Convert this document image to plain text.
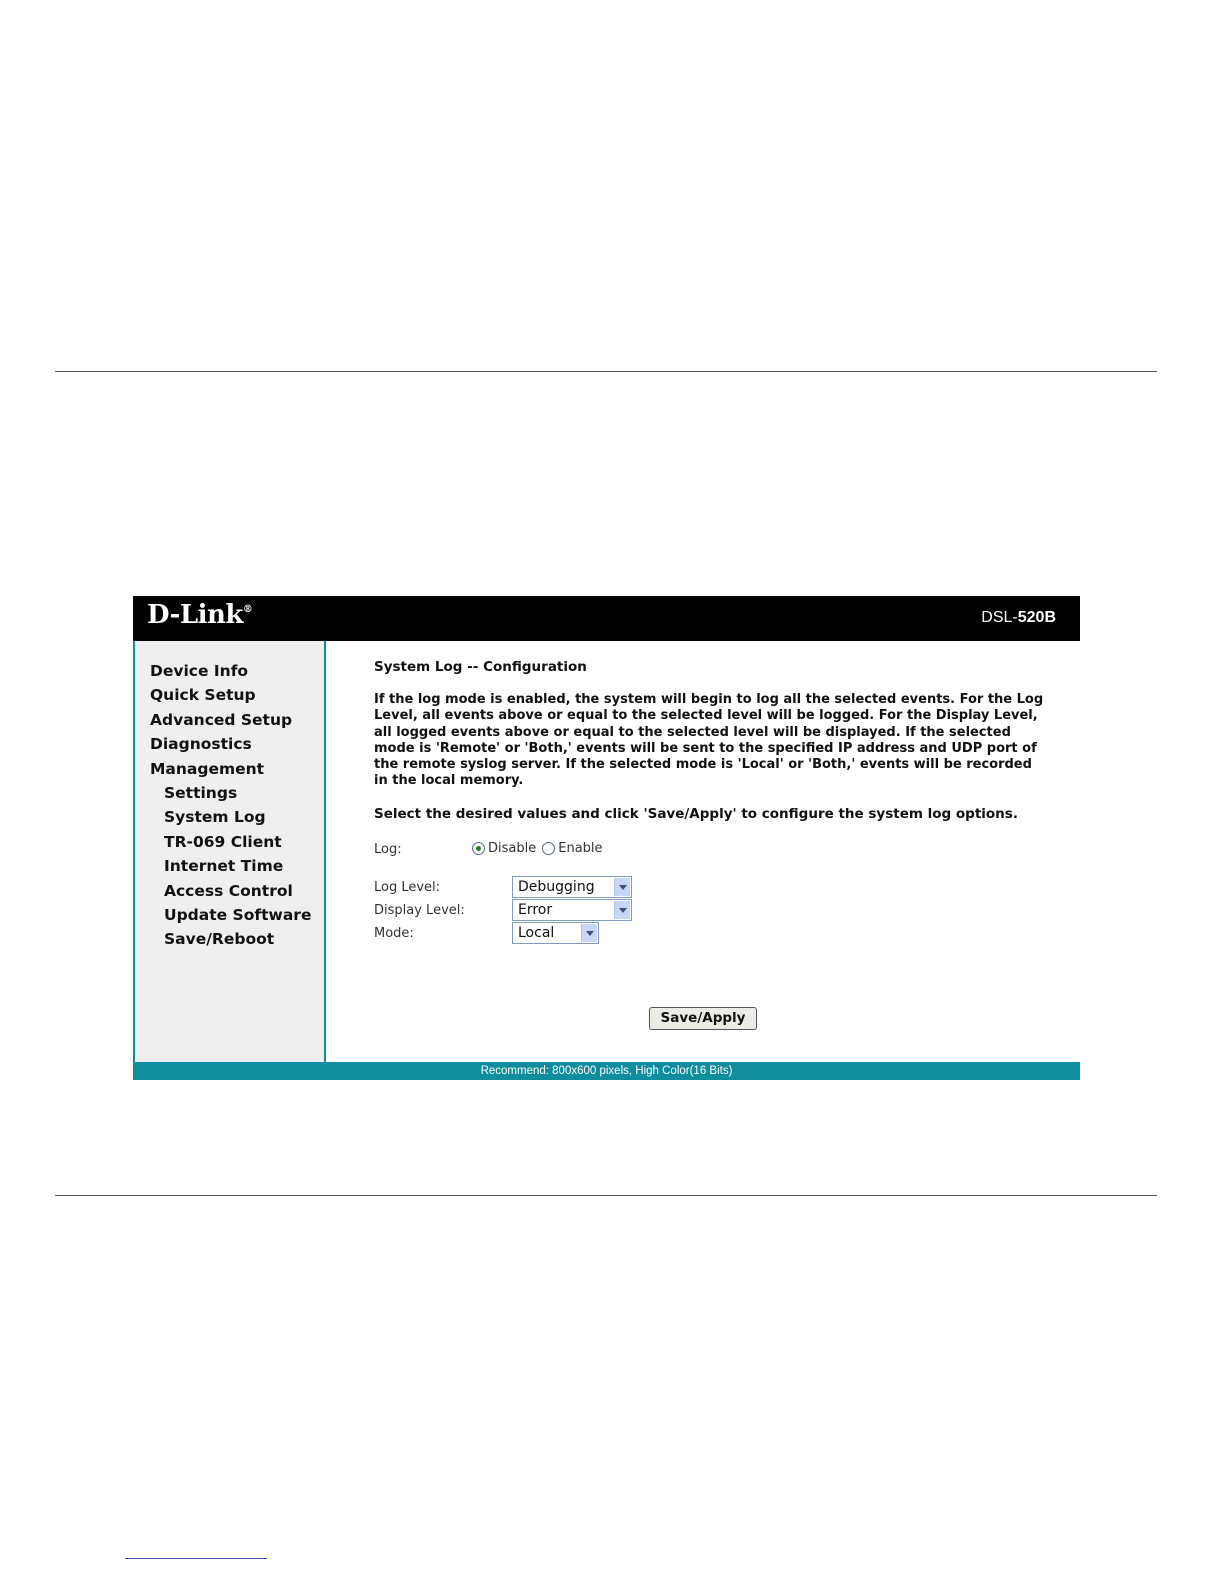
D-Link®	DSL-520B
Device Info
Quick Setup
Advanced Setup
Diagnostics
Management
Settings
System Log
TR-069 Client
Internet Time
Access Control
Update Software
Save/Reboot
System Log -- Configuration

If the log mode is enabled, the system will begin to log all the selected events. For the Log Level, all events above or equal to the selected level will be logged. For the Display Level, all logged events above or equal to the selected level will be displayed. If the selected mode is 'Remote' or 'Both,' events will be sent to the specified IP address and UDP port of the remote syslog server. If the selected mode is 'Local' or 'Both,' events will be recorded in the local memory.

Select the desired values and click 'Save/Apply' to configure the system log options.
Log:	Disable Enable
Log Level:	Debugging
Display Level:	Error
Mode:	Local
Save/Apply
Recommend: 800x600 pixels, High Color(16 Bits)
